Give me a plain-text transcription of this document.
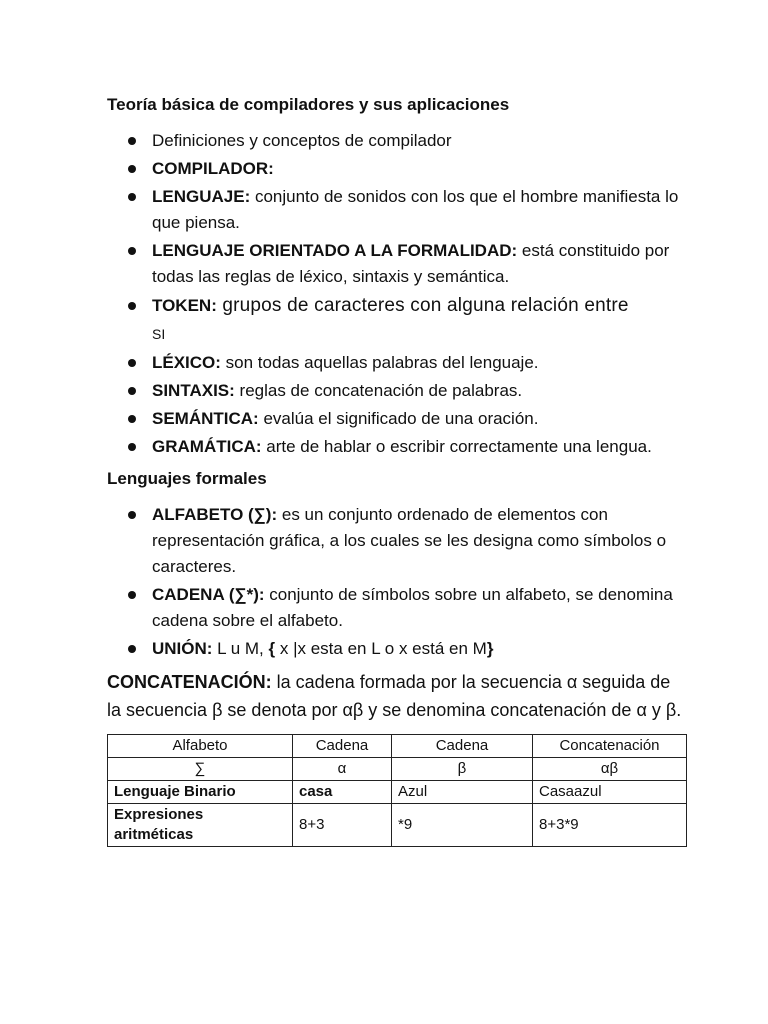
Teoría básica de compiladores y sus aplicaciones

Definiciones y conceptos de compilador
COMPILADOR:
LENGUAJE: conjunto de sonidos con los que el hombre manifiesta lo que piensa.
LENGUAJE ORIENTADO A LA FORMALIDAD: está constituido por todas las reglas de léxico, sintaxis y semántica.
TOKEN: grupos de caracteres con alguna relación entre
SI
LÉXICO: son todas aquellas palabras del lenguaje.
SINTAXIS: reglas de concatenación de palabras.
SEMÁNTICA: evalúa el significado de una oración.
GRAMÁTICA: arte de hablar o escribir correctamente una lengua.

Lenguajes formales

ALFABETO (∑): es un conjunto ordenado de elementos con representación gráfica, a los cuales se les designa como símbolos o caracteres.
CADENA (∑*): conjunto de símbolos sobre un alfabeto, se denomina cadena sobre el alfabeto.
UNIÓN: L u M, { x |x esta en L o x está en M}

CONCATENACIÓN: la cadena formada por la secuencia α seguida de la secuencia β se denota por αβ y se denomina concatenación de α y β.

Alfabeto	Cadena	Cadena	Concatenación
∑	α	β	αβ
Lenguaje Binario	casa	Azul	Casaazul
Expresiones aritméticas	8+3	*9	8+3*9
